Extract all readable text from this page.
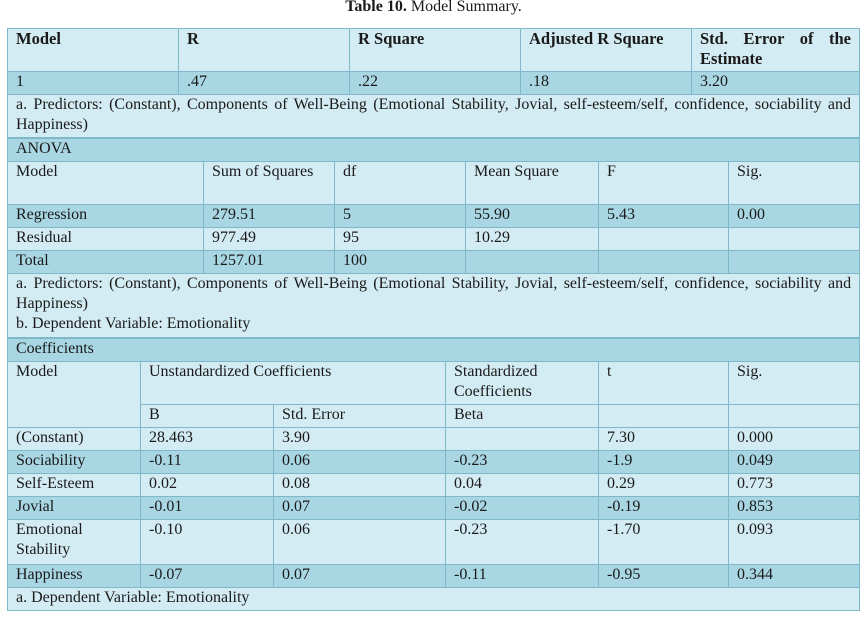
Table 10. Model Summary.
Model	R	R Square	Adjusted R Square	Std. Error of the Estimate
1	.47	.22	.18	3.20
a. Predictors: (Constant), Components of Well-Being (Emotional Stability, Jovial, self-esteem/self, confidence, sociability and Happiness)				
ANOVA					
Model	Sum of Squares	df	Mean Square	F	Sig.
Regression	279.51	5	55.90	5.43	0.00
Residual	977.49	95	10.29		
Total	1257.01	100			

a. Predictors: (Constant), Components of Well-Being (Emotional Stability, Jovial, self-esteem/self, confidence, sociability and Happiness)
b. Dependent Variable: Emotionality					
Coefficients					
Model	Unstandardized Coefficients		Standardized Coefficients	t	Sig.
	B	Std. Error	Beta		
(Constant)	28.463	3.90		7.30	0.000
Sociability	-0.11	0.06	-0.23	-1.9	0.049
Self-Esteem	0.02	0.08	0.04	0.29	0.773
Jovial	-0.01	0.07	-0.02	-0.19	0.853
Emotional Stability	-0.10	0.06	-0.23	-1.70	0.093
Happiness	-0.07	0.07	-0.11	-0.95	0.344
a. Dependent Variable: Emotionality					
